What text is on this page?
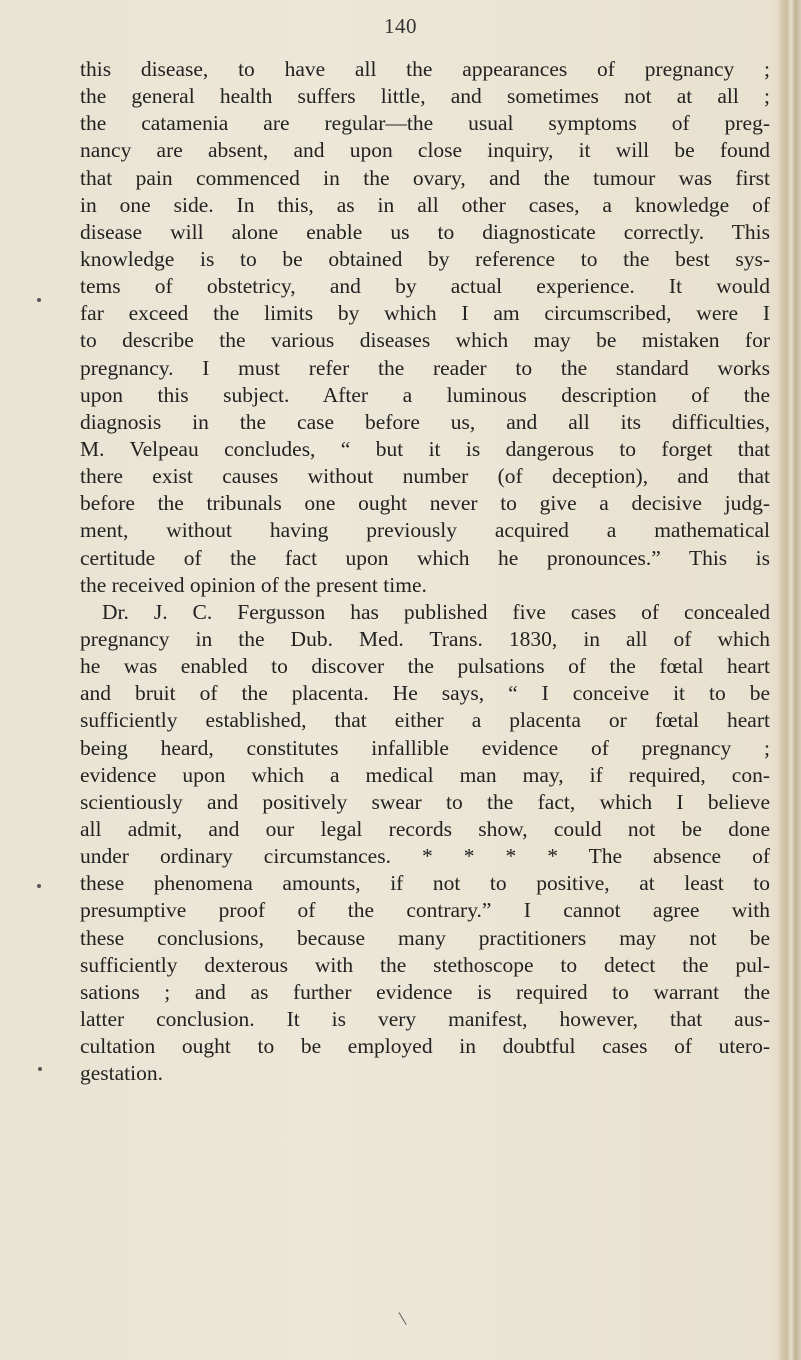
140
this disease, to have all the appearances of pregnancy ;
the general health suffers little, and sometimes not at all ;
the catamenia are regular—the usual symptoms of preg-
nancy are absent, and upon close inquiry, it will be found
that pain commenced in the ovary, and the tumour was first
in one side. In this, as in all other cases, a knowledge of
disease will alone enable us to diagnosticate correctly. This
knowledge is to be obtained by reference to the best sys-
tems of obstetricy, and by actual experience. It would
far exceed the limits by which I am circumscribed, were I
to describe the various diseases which may be mistaken for
pregnancy. I must refer the reader to the standard works
upon this subject. After a luminous description of the
diagnosis in the case before us, and all its difficulties,
M. Velpeau concludes, “ but it is dangerous to forget that
there exist causes without number (of deception), and that
before the tribunals one ought never to give a decisive judg-
ment, without having previously acquired a mathematical
certitude of the fact upon which he pronounces.” This is
the received opinion of the present time.
Dr. J. C. Fergusson has published five cases of concealed
pregnancy in the Dub. Med. Trans. 1830, in all of which
he was enabled to discover the pulsations of the fœtal heart
and bruit of the placenta. He says, “ I conceive it to be
sufficiently established, that either a placenta or fœtal heart
being heard, constitutes infallible evidence of pregnancy ;
evidence upon which a medical man may, if required, con-
scientiously and positively swear to the fact, which I believe
all admit, and our legal records show, could not be done
under ordinary circumstances. * * * * The absence of
these phenomena amounts, if not to positive, at least to
presumptive proof of the contrary.” I cannot agree with
these conclusions, because many practitioners may not be
sufficiently dexterous with the stethoscope to detect the pul-
sations ; and as further evidence is required to warrant the
latter conclusion. It is very manifest, however, that aus-
cultation ought to be employed in doubtful cases of utero-
gestation.
\
